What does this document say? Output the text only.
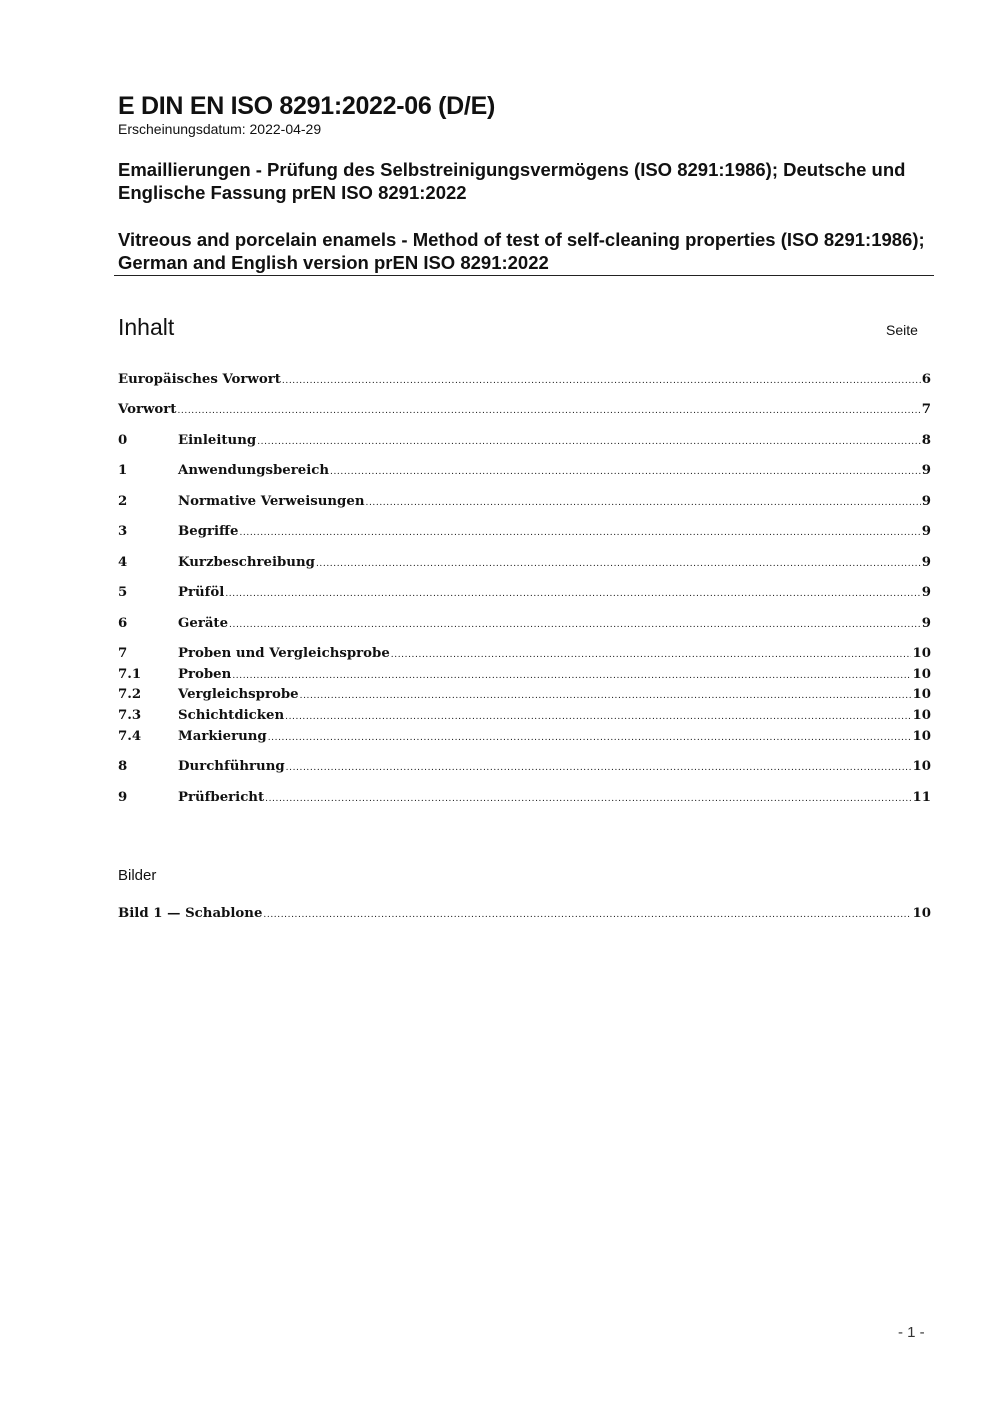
E DIN EN ISO 8291:2022-06 (D/E)
Erscheinungsdatum: 2022-04-29
Emaillierungen - Prüfung des Selbstreinigungsvermögens (ISO 8291:1986); Deutsche und Englische Fassung prEN ISO 8291:2022
Vitreous and porcelain enamels - Method of test of self-cleaning properties (ISO 8291:1986); German and English version prEN ISO 8291:2022
Inhalt	Seite
Europäisches Vorwort .....	6
Vorwort .....	7
0	Einleitung .....	8
1	Anwendungsbereich .....	9
2	Normative Verweisungen .....	9
3	Begriffe .....	9
4	Kurzbeschreibung .....	9
5	Prüföl .....	9
6	Geräte .....	9
7	Proben und Vergleichsprobe .....	10
7.1	Proben .....	10
7.2	Vergleichsprobe .....	10
7.3	Schichtdicken .....	10
7.4	Markierung .....	10
8	Durchführung .....	10
9	Prüfbericht .....	11
Bilder
Bild 1 — Schablone .....	10
- 1 -
